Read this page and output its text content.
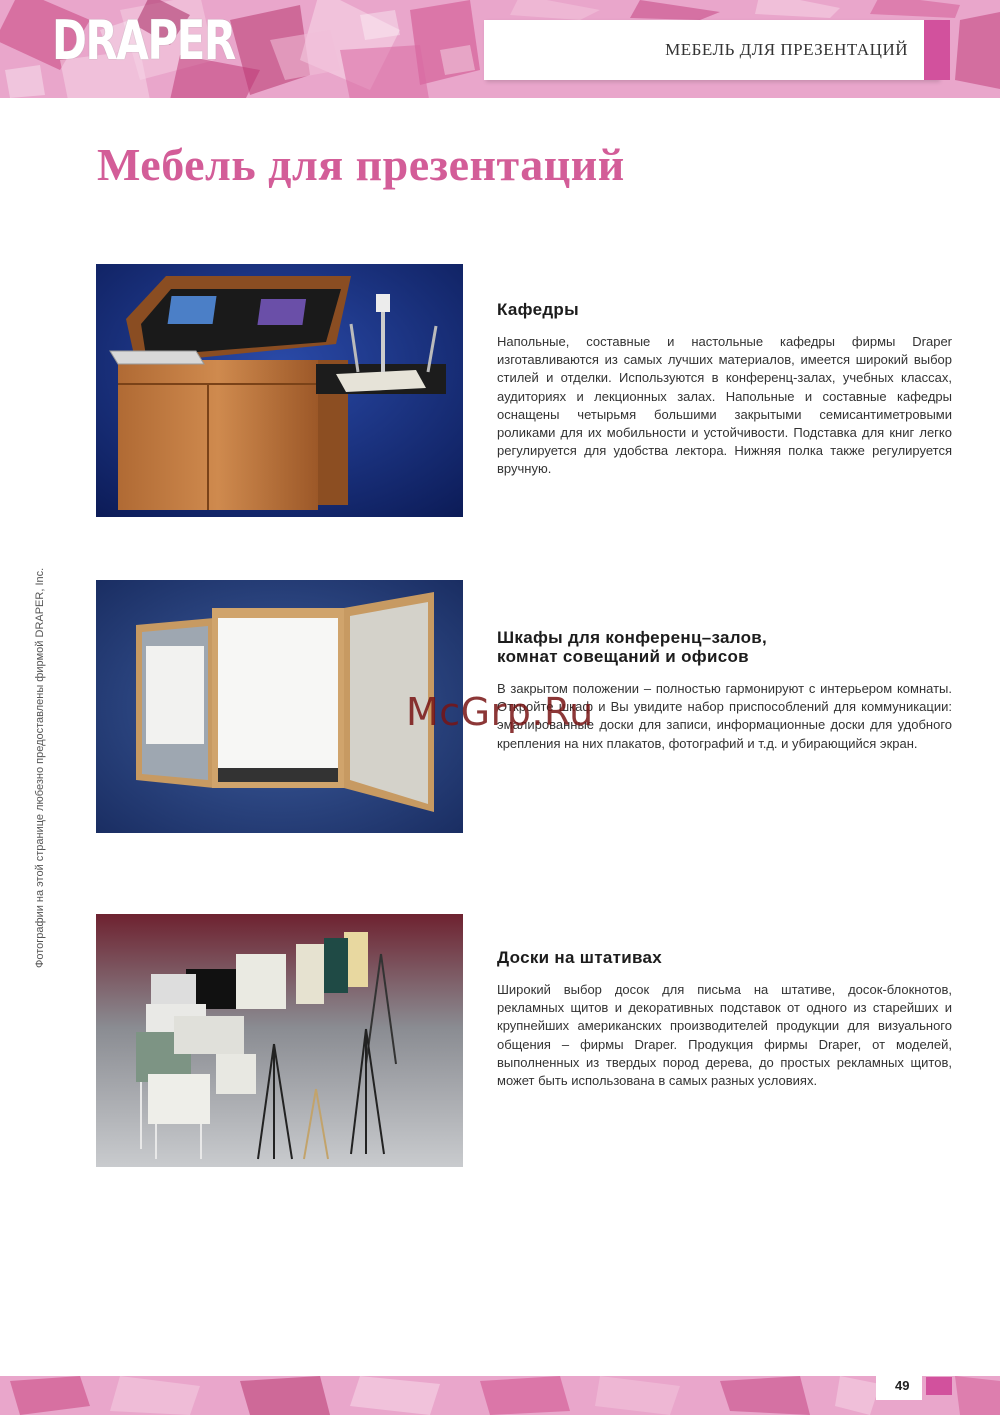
DRAPER	МЕБЕЛЬ ДЛЯ ПРЕЗЕНТАЦИЙ
Мебель для презентаций
Фотографии на этой странице любезно предоставлены фирмой DRAPER, Inc.
Кафедры

Напольные, составные и настольные кафедры фирмы Draper изготавливаются из самых лучших материалов, имеется широкий выбор стилей и отделки. Используются в конференц-залах, учебных классах, аудиториях и лекционных залах. Напольные и составные кафедры оснащены четырьмя большими закрытыми семисантиметровыми роликами для их мобильности и устойчивости. Подставка для книг легко регулируется для удобства лектора. Нижняя полка также регулируется вручную.

Шкафы для конференц–залов,
комнат совещаний и офисов

В закрытом положении – полностью гармонируют с интерьером комнаты. Откройте шкаф и Вы увидите набор приспособлений для коммуникации: эмалированные доски для записи, информационные доски для удобного крепления на них плакатов, фотографий и т.д. и убирающийся экран.

Доски на штативах

Широкий выбор досок для письма на штативе, досок-блокнотов, рекламных щитов и декоративных подставок от одного из старейших и крупнейших американских производителей продукции для визуального общения – фирмы Draper. Продукция фирмы Draper, от моделей, выполненных из твердых пород дерева, до простых рекламных щитов, может быть использована в самых разных условиях.

McGrp.Ru
49
